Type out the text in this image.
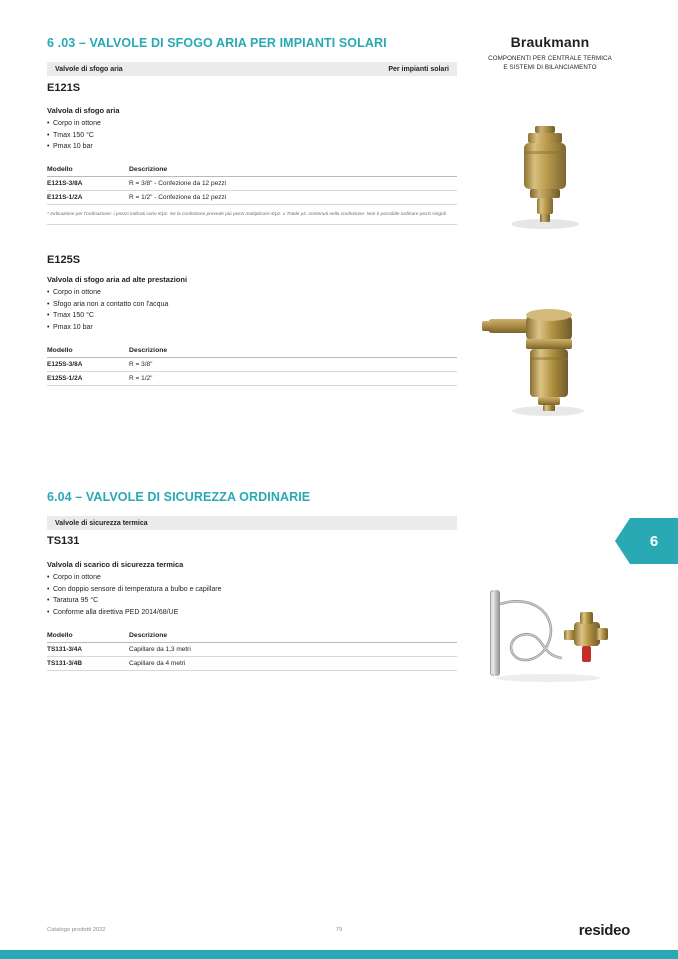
Braukmann
COMPONENTI PER CENTRALE TERMICA
E SISTEMI DI BILANCIAMENTO
6 .03 – VALVOLE DI SFOGO ARIA PER IMPIANTI SOLARI
Valvole di sfogo aria	Per impianti solari
E121S
Valvola di sfogo aria
• Corpo in ottone
• Tmax 150 °C
• Pmax 10 bar
Modello	Descrizione
E121S-3/8A	R = 3/8" - Confezione da 12 pezzi
E121S-1/2A	R = 1/2" - Confezione da 12 pezzi
* Indicazione per l'ordinazione: i prezzi indicati sono €/pz. Se la confezione prevede più pezzi moltiplicare €/pz. x Totale pz. contenuti nella confezione. Non è possibile ordinare pezzi singoli
E125S
Valvola di sfogo aria ad alte prestazioni
• Corpo in ottone
• Sfogo aria non a contatto con l'acqua
• Tmax 150 °C
• Pmax 10 bar
Modello	Descrizione
E125S-3/8A	R = 3/8"
E125S-1/2A	R = 1/2"
6.04 – VALVOLE DI SICUREZZA ORDINARIE
Valvole di sicurezza termica
TS131
Valvola di scarico di sicurezza termica
• Corpo in ottone
• Con doppio sensore di temperatura a bulbo e capillare
• Taratura 95 °C
• Conforme alla direttiva PED 2014/68/UE
Modello	Descrizione
TS131-3/4A	Capillare da 1,3 metri
TS131-3/4B	Capillare da 4 metri
6
Catalogo prodotti 2022	79	resideo
